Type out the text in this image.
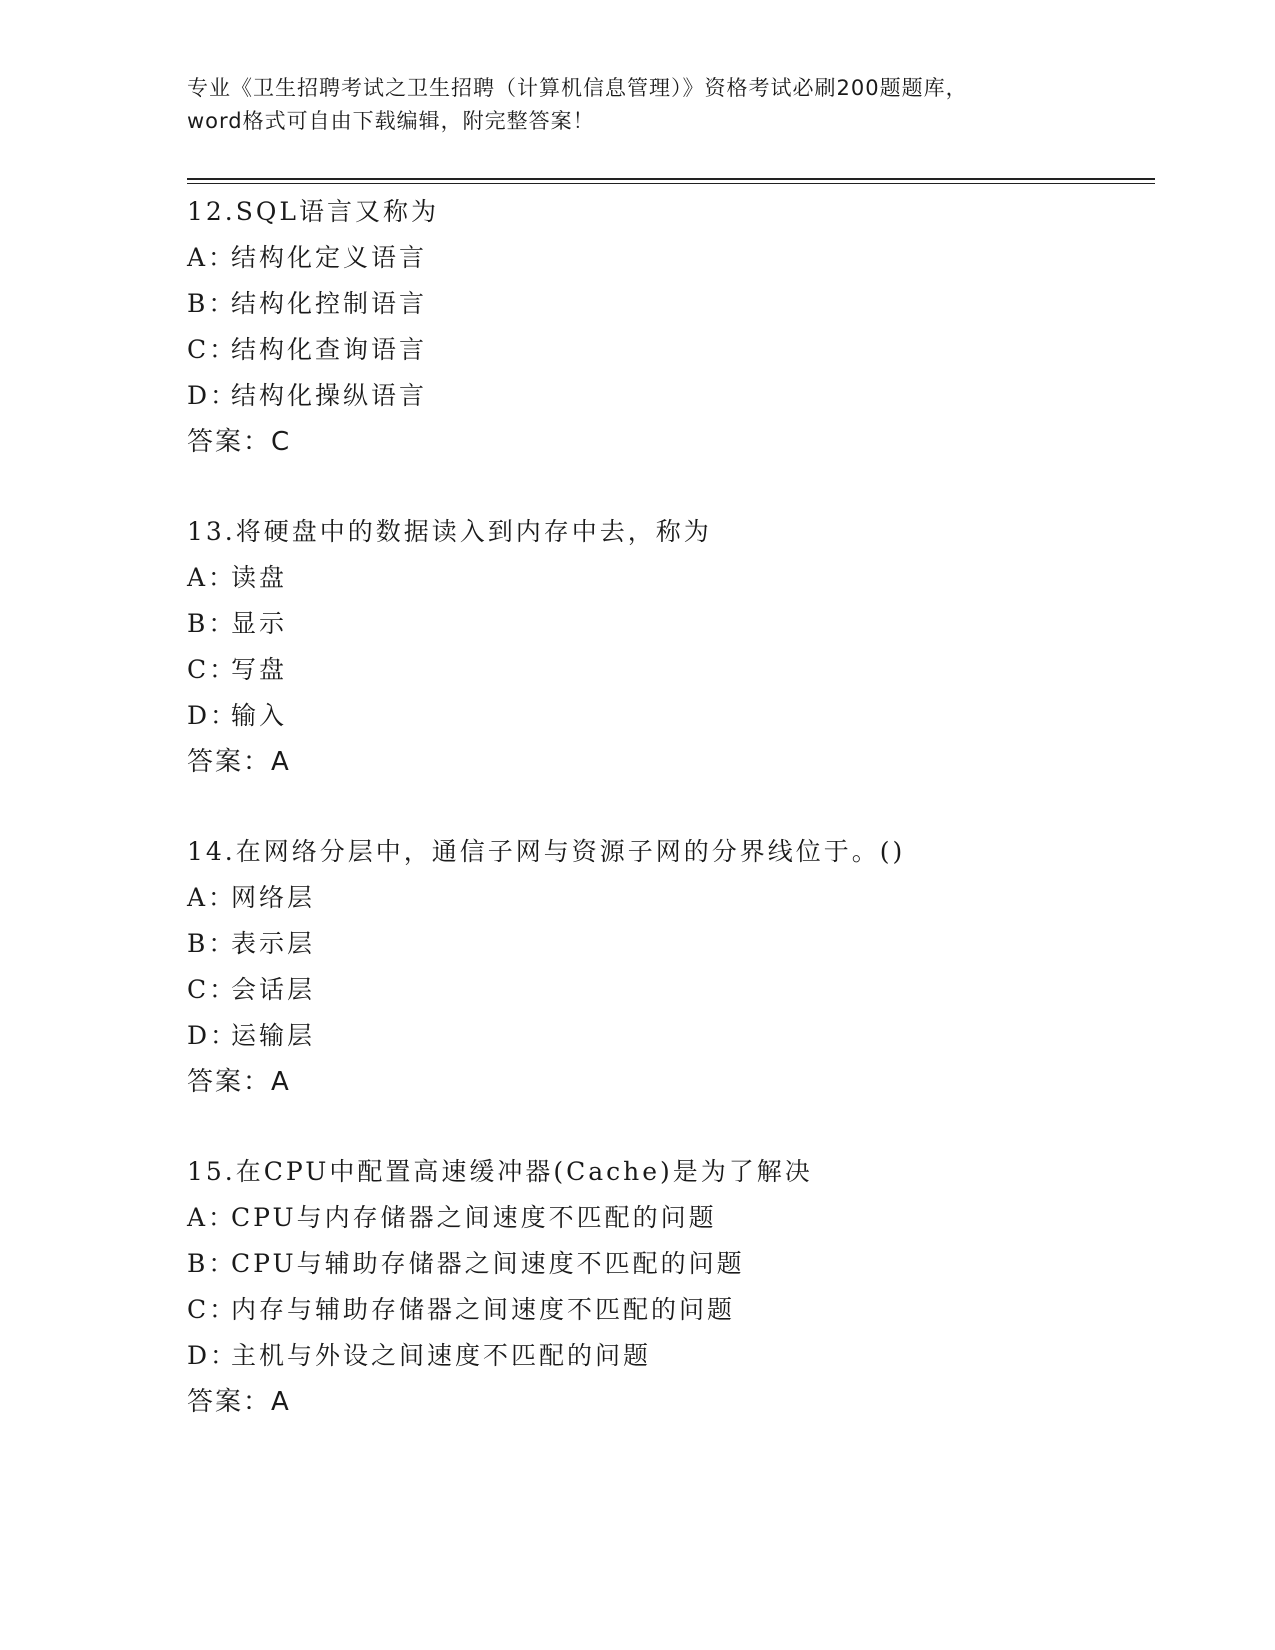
专业《卫生招聘考试之卫生招聘（计算机信息管理）》资格考试必刷200题题库，

word格式可自由下载编辑，附完整答案！

12.SQL语言又称为
A：结构化定义语言
B：结构化控制语言
C：结构化查询语言
D：结构化操纵语言
答案：C
13.将硬盘中的数据读入到内存中去，称为
A：读盘
B：显示
C：写盘
D：输入
答案：A
14.在网络分层中，通信子网与资源子网的分界线位于。()
A：网络层
B：表示层
C：会话层
D：运输层
答案：A
15.在CPU中配置高速缓冲器(Cache)是为了解决
A：CPU与内存储器之间速度不匹配的问题
B：CPU与辅助存储器之间速度不匹配的问题
C：内存与辅助存储器之间速度不匹配的问题
D：主机与外设之间速度不匹配的问题
答案：A
